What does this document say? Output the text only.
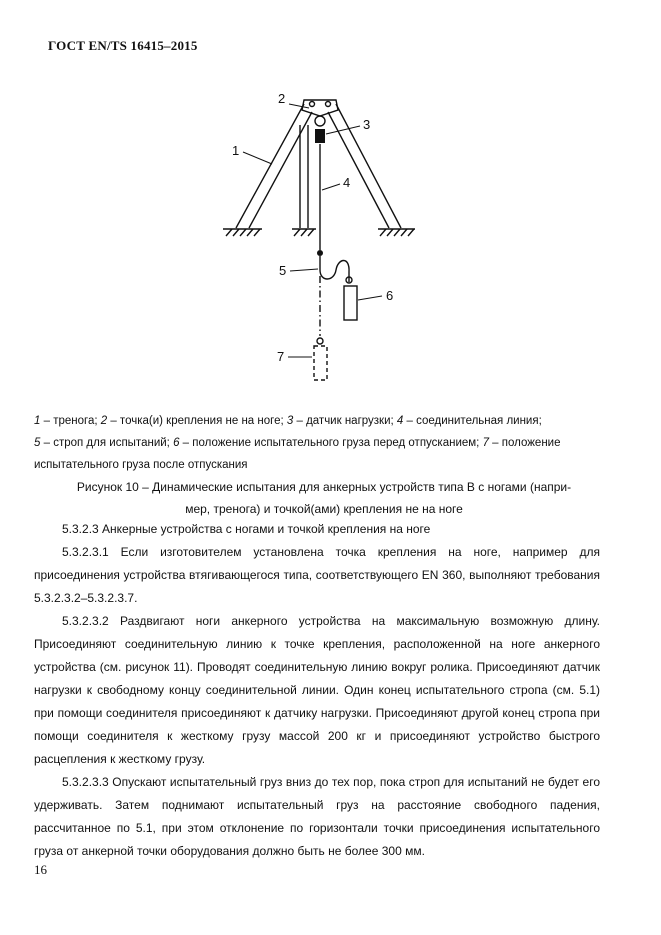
ГОСТ EN/TS 16415–2015
1
2
3
4
5
6
7

1 – тренога; 2 – точка(и) крепления не на ноге; 3 – датчик нагрузки; 4 – соединительная линия;

5 – строп для испытаний; 6 – положение испытательного груза перед отпусканием; 7 – положение

испытательного груза после отпускания

Рисунок 10 – Динамические испытания для анкерных устройств типа В с ногами (напри-

мер, тренога) и точкой(ами) крепления не на ноге

5.3.2.3 Анкерные устройства с ногами и точкой крепления на ноге

5.3.2.3.1 Если изготовителем установлена точка крепления на ноге, например для присоединения устройства втягивающегося типа, соответствующего EN 360, выполняют требования 5.3.2.3.2–5.3.2.3.7.

5.3.2.3.2 Раздвигают ноги анкерного устройства на максимальную возможную длину. Присоединяют соединительную линию к точке крепления, расположенной на ноге анкерного устройства (см. рисунок 11). Проводят соединительную линию вокруг ролика. Присоединяют датчик нагрузки к свободному концу соединительной линии. Один конец испытательного стропа (см. 5.1) при помощи соединителя присоединяют к датчику нагрузки. Присоединяют другой конец стропа при помощи соединителя к жесткому грузу массой 200 кг и присоединяют устройство быстрого расцепления к жесткому грузу.

5.3.2.3.3 Опускают испытательный груз вниз до тех пор, пока строп для испытаний не будет его удерживать. Затем поднимают испытательный груз на расстояние свободного падения, рассчитанное по 5.1, при этом отклонение по горизонтали точки присоединения испытательного груза от анкерной точки оборудования должно быть не более 300 мм.

16
